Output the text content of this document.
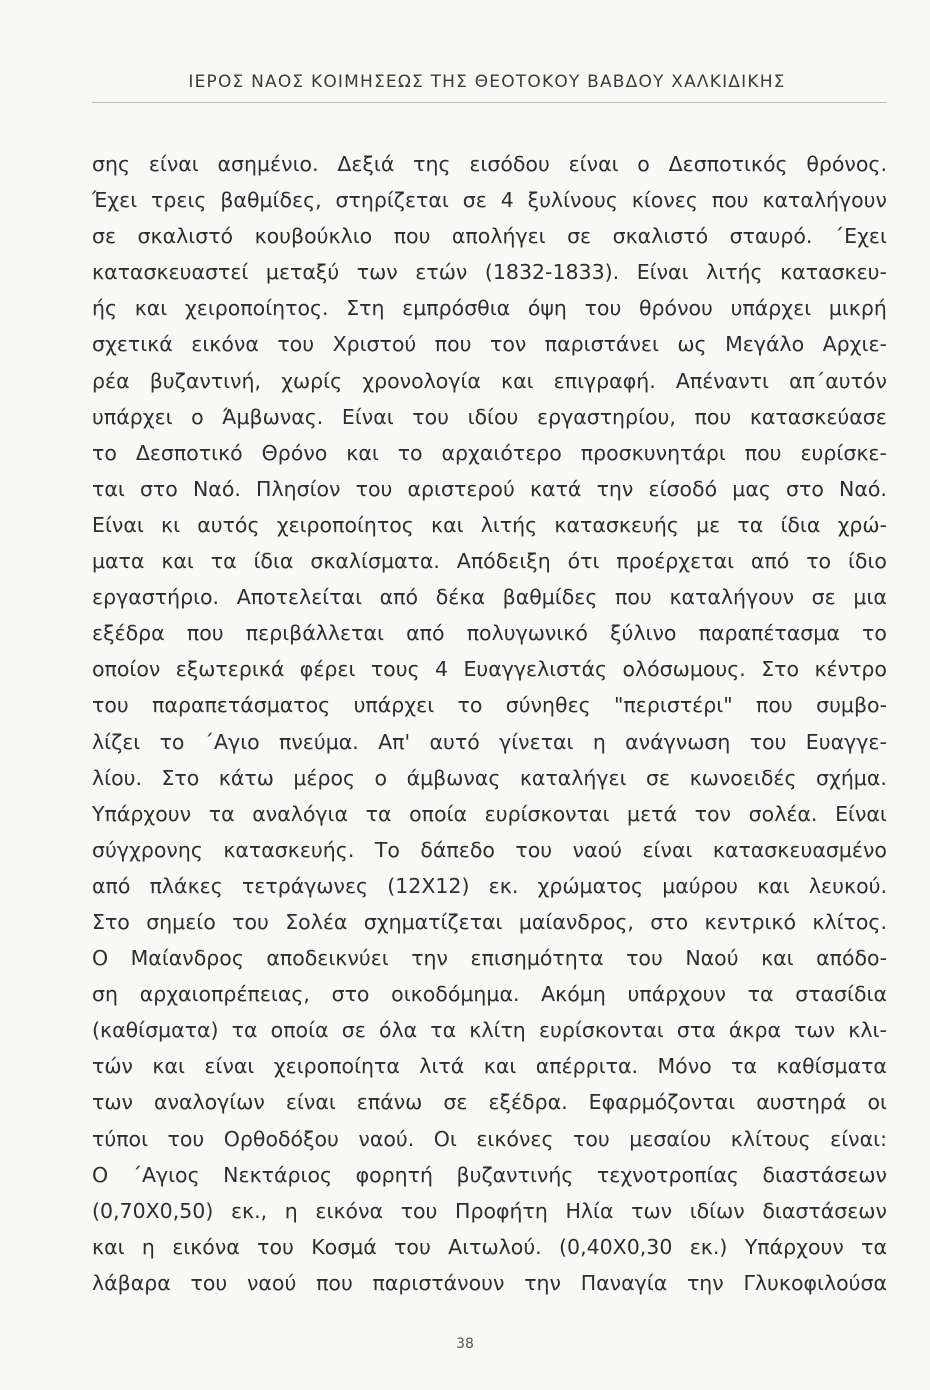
ΙΕΡΟΣ ΝΑΟΣ ΚΟΙΜΗΣΕΩΣ ΤΗΣ ΘΕΟΤΟΚΟΥ ΒΑΒΔΟΥ ΧΑΛΚΙΔΙΚΗΣ
σης είναι ασημένιο. Δεξιά της εισόδου είναι ο Δεσποτικός θρόνος.
Έχει τρεις βαθμίδες, στηρίζεται σε 4 ξυλίνους κίονες που καταλήγουν
σε σκαλιστό κουβούκλιο που απολήγει σε σκαλιστό σταυρό. ΄Εχει
κατασκευαστεί μεταξύ των ετών (1832-1833). Είναι λιτής κατασκευ-
ής και χειροποίητος. Στη εμπρόσθια όψη του θρόνου υπάρχει μικρή
σχετικά εικόνα του Χριστού που τον παριστάνει ως Μεγάλο Αρχιε-
ρέα βυζαντινή, χωρίς χρονολογία και επιγραφή. Απέναντι απ΄αυτόν
υπάρχει ο Άμβωνας. Είναι του ιδίου εργαστηρίου, που κατασκεύασε
το Δεσποτικό Θρόνο και το αρχαιότερο προσκυνητάρι που ευρίσκε-
ται στο Ναό. Πλησίον του αριστερού κατά την είσοδό μας στο Ναό.
Είναι κι αυτός χειροποίητος και λιτής κατασκευής με τα ίδια χρώ-
ματα και τα ίδια σκαλίσματα. Απόδειξη ότι προέρχεται από το ίδιο
εργαστήριο. Αποτελείται από δέκα βαθμίδες που καταλήγουν σε μια
εξέδρα που περιβάλλεται από πολυγωνικό ξύλινο παραπέτασμα το
οποίον εξωτερικά φέρει τους 4 Ευαγγελιστάς ολόσωμους. Στο κέντρο
του παραπετάσματος υπάρχει το σύνηθες "περιστέρι" που συμβο-
λίζει το ΄Αγιο πνεύμα. Απ' αυτό γίνεται η ανάγνωση του Ευαγγε-
λίου. Στο κάτω μέρος ο άμβωνας καταλήγει σε κωνοειδές σχήμα.
Υπάρχουν τα αναλόγια τα οποία ευρίσκονται μετά τον σολέα. Είναι
σύγχρονης κατασκευής. Το δάπεδο του ναού είναι κατασκευασμένο
από πλάκες τετράγωνες (12Χ12) εκ. χρώματος μαύρου και λευκού.
Στο σημείο του Σολέα σχηματίζεται μαίανδρος, στο κεντρικό κλίτος.
Ο Μαίανδρος αποδεικνύει την επισημότητα του Ναού και απόδο-
ση αρχαιοπρέπειας, στο οικοδόμημα. Ακόμη υπάρχουν τα στασίδια
(καθίσματα) τα οποία σε όλα τα κλίτη ευρίσκονται στα άκρα των κλι-
τών και είναι χειροποίητα λιτά και απέρριτα. Μόνο τα καθίσματα
των αναλογίων είναι επάνω σε εξέδρα. Εφαρμόζονται αυστηρά οι
τύποι του Ορθοδόξου ναού. Οι εικόνες του μεσαίου κλίτους είναι:
Ο ΄Αγιος Νεκτάριος φορητή βυζαντινής τεχνοτροπίας διαστάσεων
(0,70Χ0,50) εκ., η εικόνα του Προφήτη Ηλία των ιδίων διαστάσεων
και η εικόνα του Κοσμά του Αιτωλού. (0,40Χ0,30 εκ.) Υπάρχουν τα
λάβαρα του ναού που παριστάνουν την Παναγία την Γλυκοφιλούσα
38
